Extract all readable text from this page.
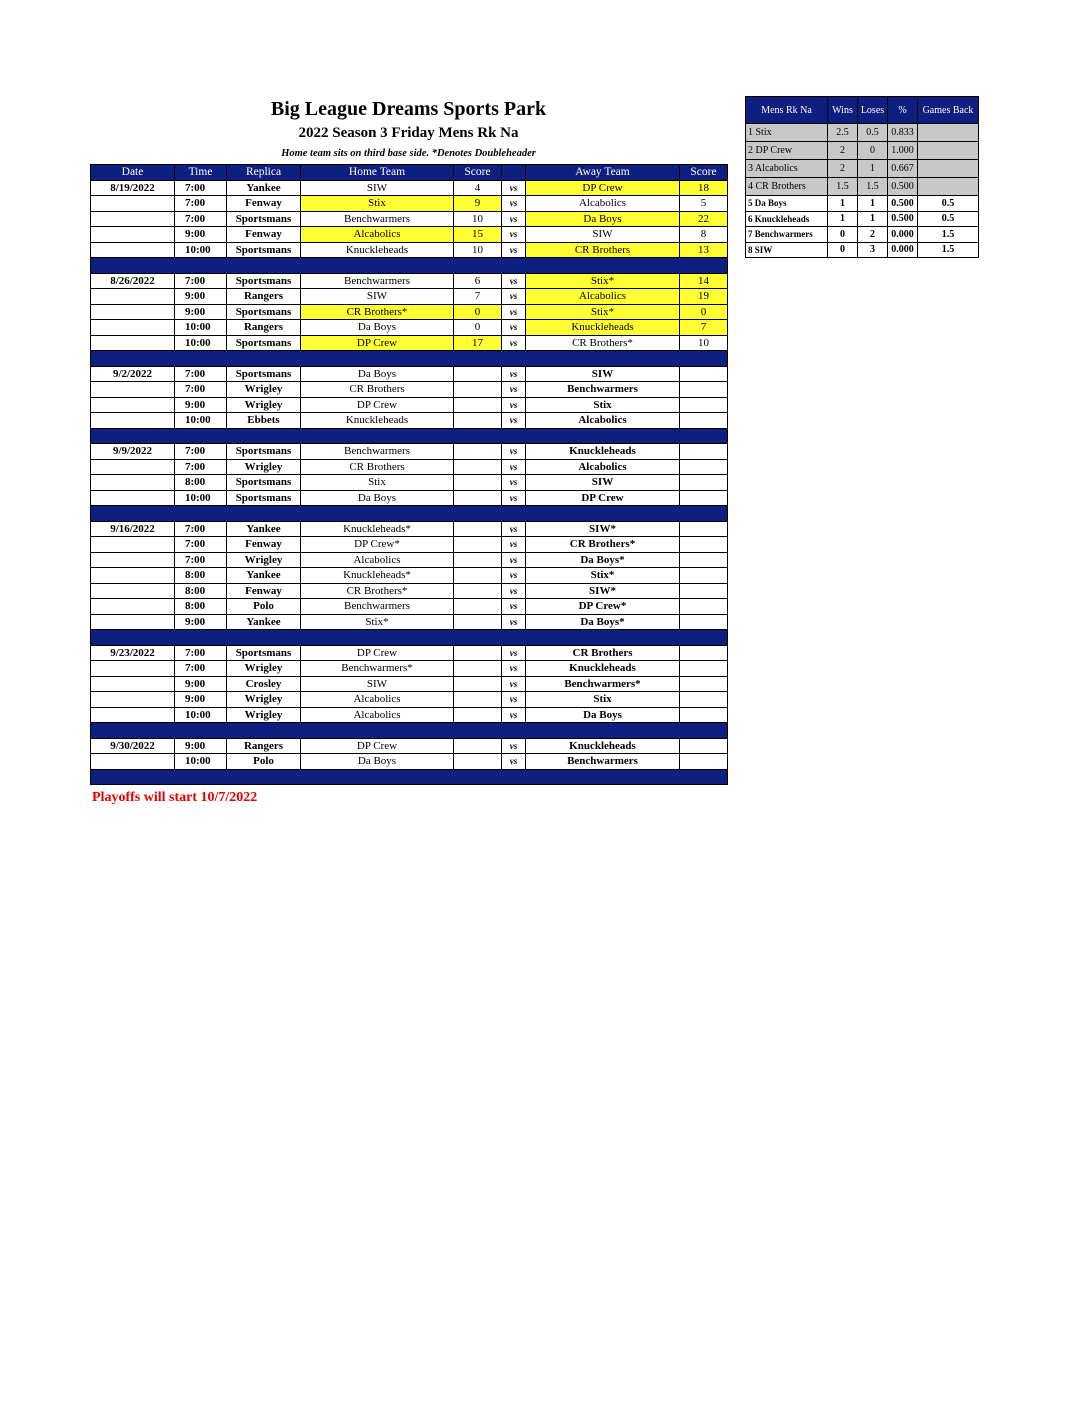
Big League Dreams Sports Park
2022 Season 3 Friday Mens Rk Na
Home team sits on third base side. *Denotes Doubleheader
Date	Time	Replica	Home Team	Score		Away Team	Score
8/19/2022	7:00	Yankee	SIW	4	vs	DP Crew	18
	7:00	Fenway	Stix	9	vs	Alcabolics	5
	7:00	Sportsmans	Benchwarmers	10	vs	Da Boys	22
	9:00	Fenway	Alcabolics	15	vs	SIW	8
	10:00	Sportsmans	Knuckleheads	10	vs	CR Brothers	13

8/26/2022	7:00	Sportsmans	Benchwarmers	6	vs	Stix*	14
	9:00	Rangers	SIW	7	vs	Alcabolics	19
	9:00	Sportsmans	CR Brothers*	0	vs	Stix*	0
	10:00	Rangers	Da Boys	0	vs	Knuckleheads	7
	10:00	Sportsmans	DP Crew	17	vs	CR Brothers*	10

9/2/2022	7:00	Sportsmans	Da Boys		vs	SIW	
	7:00	Wrigley	CR Brothers		vs	Benchwarmers	
	9:00	Wrigley	DP Crew		vs	Stix	
	10:00	Ebbets	Knuckleheads		vs	Alcabolics	

9/9/2022	7:00	Sportsmans	Benchwarmers		vs	Knuckleheads	
	7:00	Wrigley	CR Brothers		vs	Alcabolics	
	8:00	Sportsmans	Stix		vs	SIW	
	10:00	Sportsmans	Da Boys		vs	DP Crew	

9/16/2022	7:00	Yankee	Knuckleheads*		vs	SIW*	
	7:00	Fenway	DP Crew*		vs	CR Brothers*	
	7:00	Wrigley	Alcabolics		vs	Da Boys*	
	8:00	Yankee	Knuckleheads*		vs	Stix*	
	8:00	Fenway	CR Brothers*		vs	SIW*	
	8:00	Polo	Benchwarmers		vs	DP Crew*	
	9:00	Yankee	Stix*		vs	Da Boys*	

9/23/2022	7:00	Sportsmans	DP Crew		vs	CR Brothers	
	7:00	Wrigley	Benchwarmers*		vs	Knuckleheads	
	9:00	Crosley	SIW		vs	Benchwarmers*	
	9:00	Wrigley	Alcabolics		vs	Stix	
	10:00	Wrigley	Alcabolics		vs	Da Boys	

9/30/2022	9:00	Rangers	DP Crew		vs	Knuckleheads	
	10:00	Polo	Da Boys		vs	Benchwarmers	

Mens Rk Na	Wins	Loses	%	Games Back
1 Stix	2.5	0.5	0.833	
2 DP Crew	2	0	1.000	
3 Alcabolics	2	1	0.667	
4 CR Brothers	1.5	1.5	0.500	
5 Da Boys	1	1	0.500	0.5
6 Knuckleheads	1	1	0.500	0.5
7 Benchwarmers	0	2	0.000	1.5
8 SIW	0	3	0.000	1.5
Playoffs will start 10/7/2022
